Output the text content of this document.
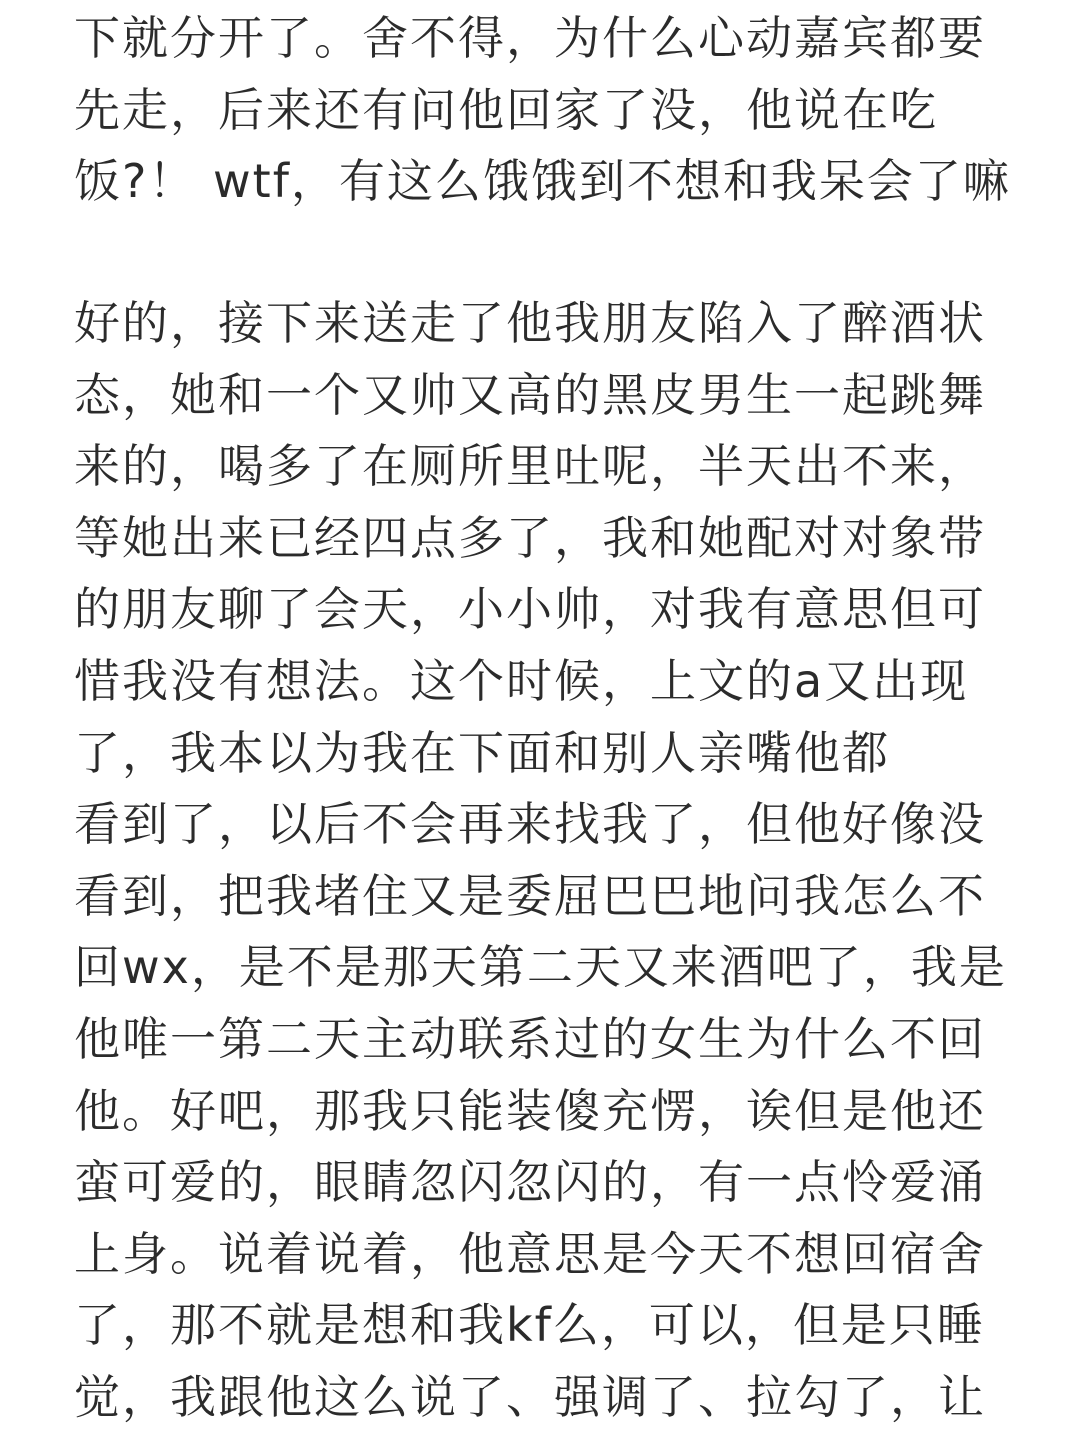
下就分开了。舍不得，为什么心动嘉宾都要
先走，后来还有问他回家了没，他说在吃
饭?！ wtf，有这么饿饿到不想和我呆会了嘛
好的，接下来送走了他我朋友陷入了醉酒状
态，她和一个又帅又高的黑皮男生一起跳舞
来的，喝多了在厕所里吐呢，半天出不来，
等她出来已经四点多了，我和她配对对象带
的朋友聊了会天，小小帅，对我有意思但可
惜我没有想法。这个时候，上文的a又出现
了，我本以为我在下面和别人亲嘴他都
看到了，以后不会再来找我了，但他好像没
看到，把我堵住又是委屈巴巴地问我怎么不
回wx，是不是那天第二天又来酒吧了，我是
他唯一第二天主动联系过的女生为什么不回
他。好吧，那我只能装傻充愣，诶但是他还
蛮可爱的，眼睛忽闪忽闪的，有一点怜爱涌
上身。说着说着，他意思是今天不想回宿舍
了，那不就是想和我kf么，可以，但是只睡
觉，我跟他这么说了、强调了、拉勾了，让
